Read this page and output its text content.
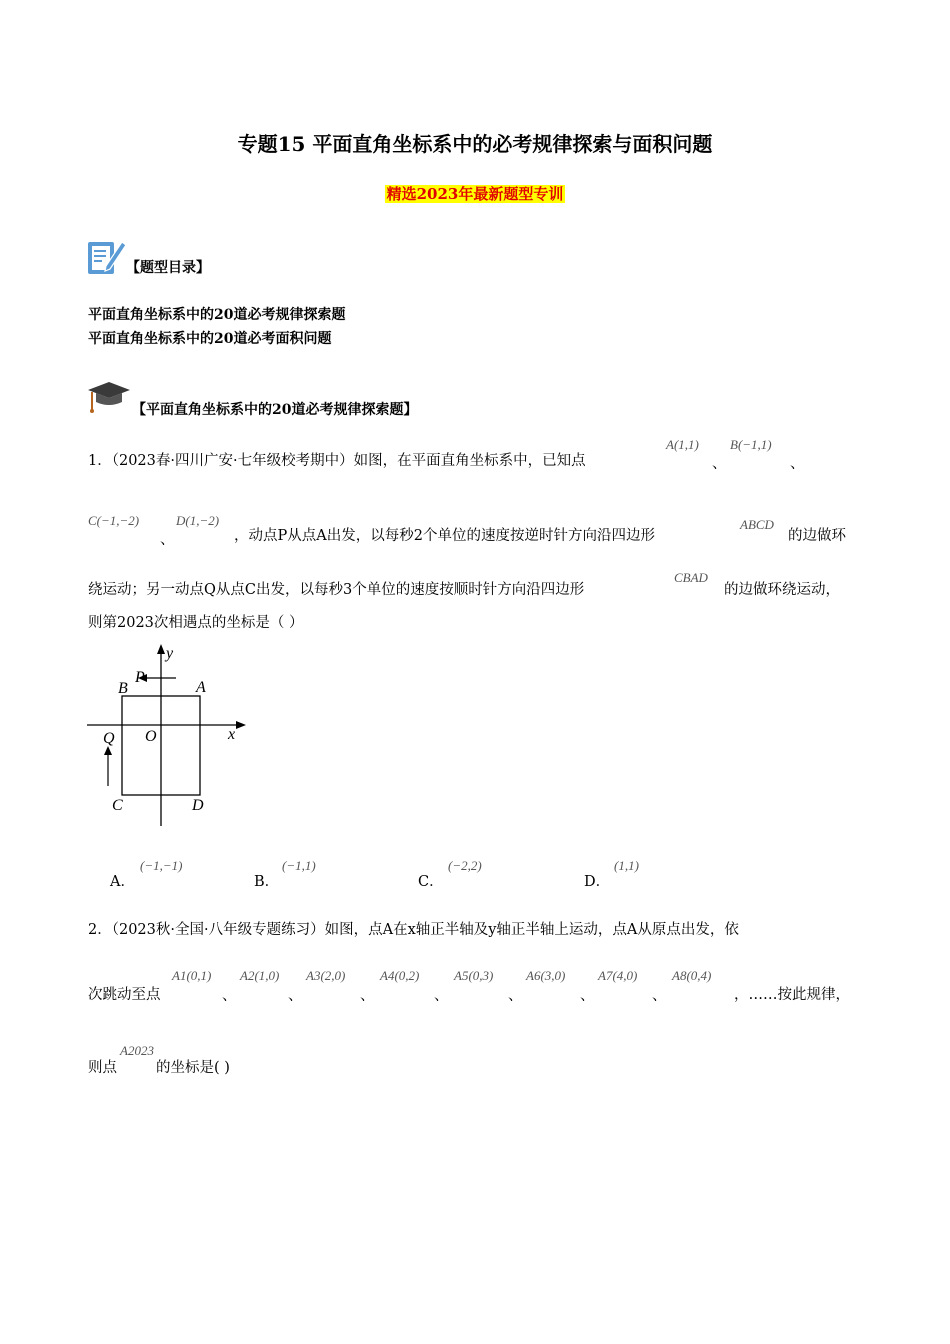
专题15 平面直角坐标系中的必考规律探索与面积问题
精选2023年最新题型专训
【题型目录】
平面直角坐标系中的20道必考规律探索题
平面直角坐标系中的20道必考面积问题
【平面直角坐标系中的20道必考规律探索题】
1．（2023春·四川广安·七年级校考期中）如图，在平面直角坐标系中，已知点
A(1,1)
、
B(−1,1)
、
C(−1,−2)
、
D(1,−2)
，动点P从点A出发，以每秒2个单位的速度按逆时针方向沿四边形
ABCD
的边做环
绕运动；另一动点Q从点C出发，以每秒3个单位的速度按顺时针方向沿四边形
CBAD
的边做环绕运动，
则第2023次相遇点的坐标是（ ）
y
x
O
A
B
C	D
P
Q
A．
(−1,−1)
B．
(−1,1)
C．
(−2,2)
D．
(1,1)
2．（2023秋·全国·八年级专题练习）如图，点A在x轴正半轴及y轴正半轴上运动，点A从原点出发，依
次跳动至点
A1(0,1)
、
A2(1,0)
、
A3(2,0)
、
A4(0,2)
、
A5(0,3)
、
A6(3,0)
、
A7(4,0)
、
A8(0,4)
，……按此规律，
则点
A2023
的坐标是( )
